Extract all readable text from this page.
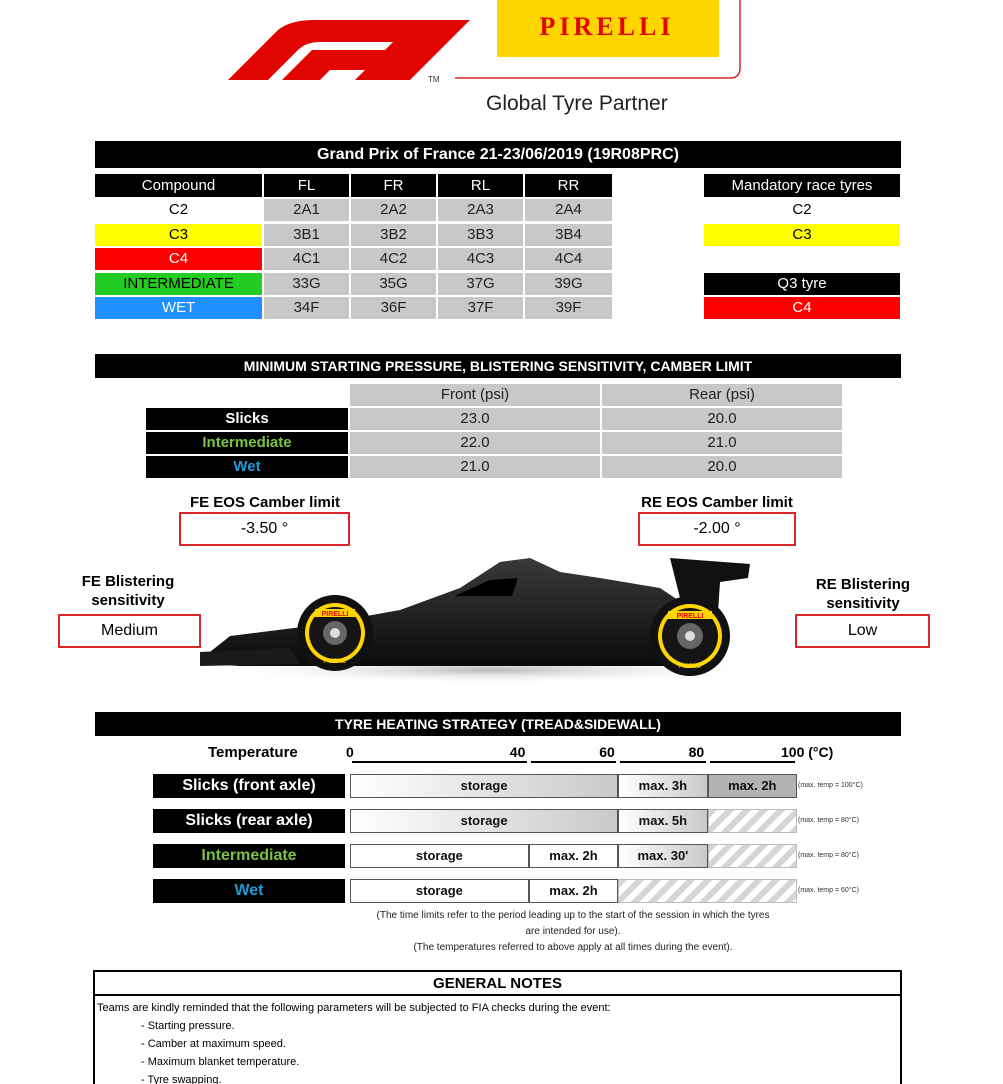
TM
PIRELLI
Global Tyre Partner
Grand Prix of France 21-23/06/2019 (19R08PRC)
Compound	FL	FR	RL	RR
C2	2A1	2A2	2A3	2A4
C3	3B1	3B2	3B3	3B4
C4	4C1	4C2	4C3	4C4
INTERMEDIATE	33G	35G	37G	39G
WET	34F	36F	37F	39F
Mandatory race tyres
C2
C3
Q3 tyre
C4
MINIMUM STARTING PRESSURE, BLISTERING SENSITIVITY, CAMBER LIMIT
Front (psi)	Rear (psi)
Slicks	23.0	20.0
Intermediate	22.0	21.0
Wet	21.0	20.0
FE EOS Camber limit
-3.50 °
RE EOS Camber limit
-2.00 °
FE Blistering
sensitivity
Medium
RE Blistering
sensitivity
Low
PIRELLI	PIRELLI
P ZERO
P ZERO
TYRE HEATING STRATEGY (TREAD&SIDEWALL)
Temperature	0	40	60	80	100 (°C)
Slicks (front axle)	storage	max. 3h	max. 2h	(max. temp = 100°C)
Slicks (rear axle)	storage	max. 5h	(max. temp = 80°C)
Intermediate	storage	max. 2h	max. 30'	(max. temp = 80°C)
Wet	storage	max. 2h	(max. temp = 60°C)
(The time limits refer to the period leading up to the start of the session in which the tyres
are intended for use).
(The temperatures referred to above apply at all times during the event).
GENERAL NOTES
Teams are kindly reminded that the following parameters will be subjected to FIA checks during the event:
- Starting pressure.
- Camber at maximum speed.
- Maximum blanket temperature.
- Tyre swapping.
